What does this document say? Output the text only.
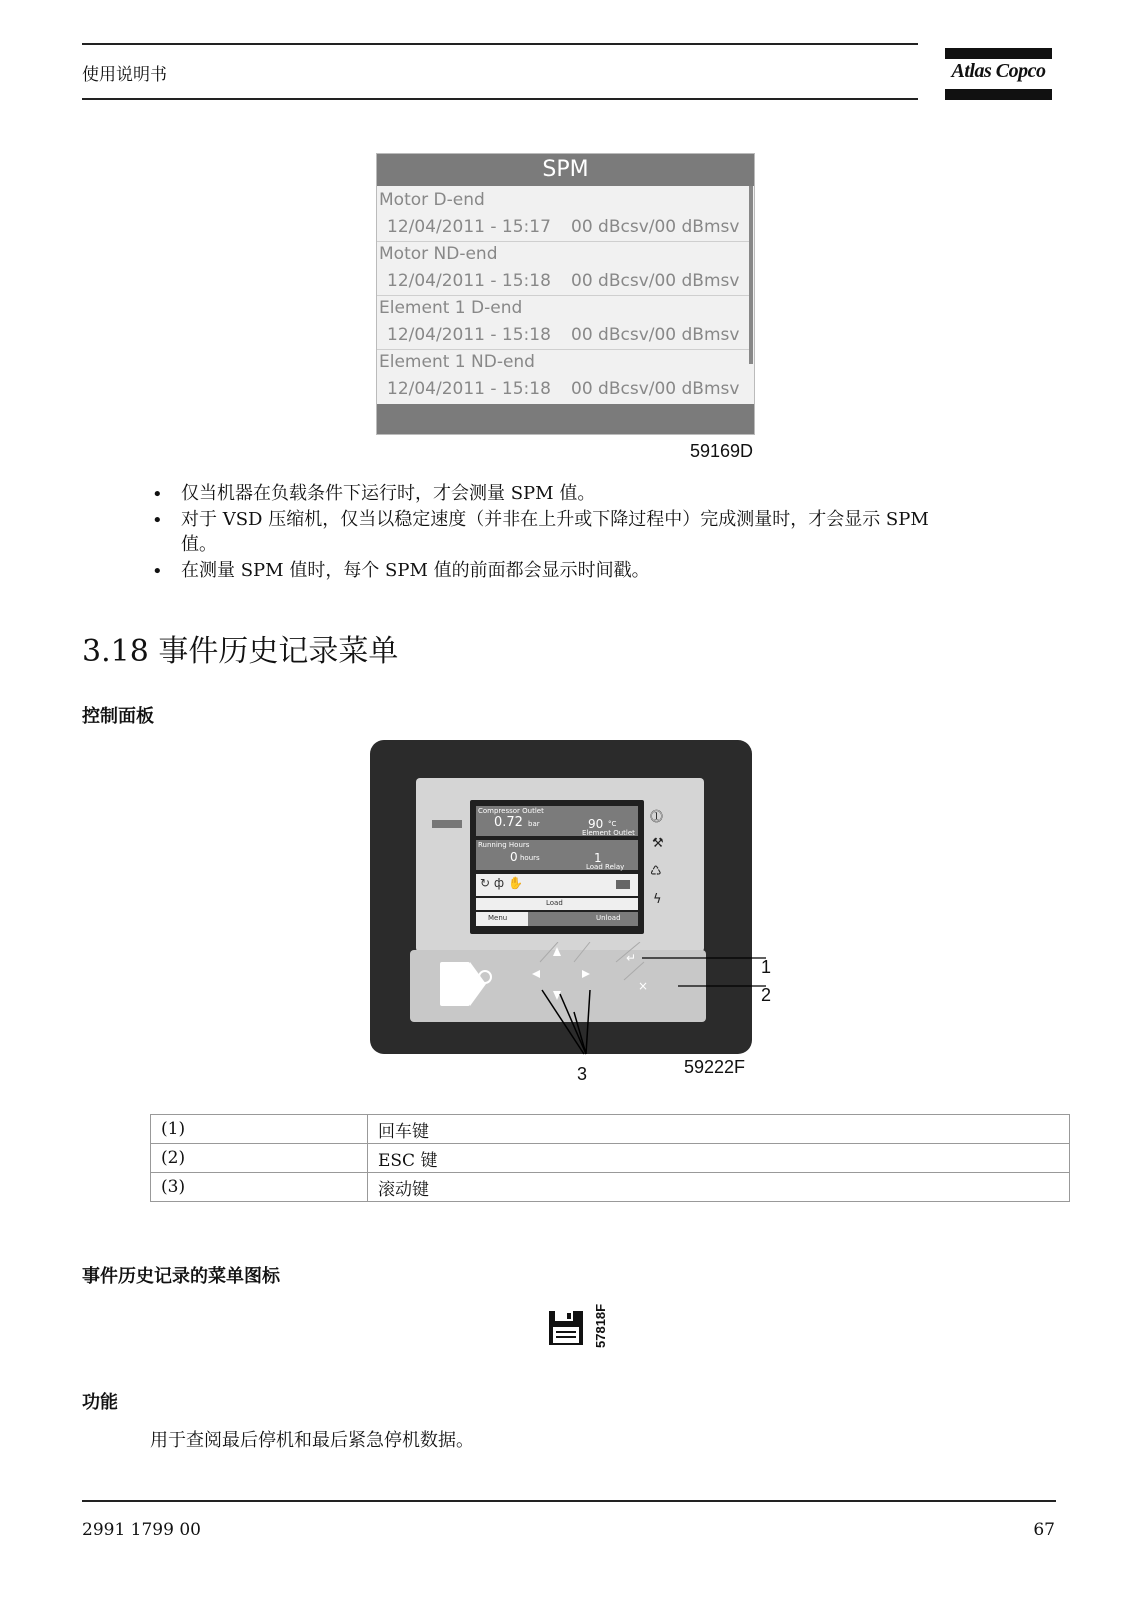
使用说明书	Atlas Copco
SPM
Motor D-end
12/04/2011 - 15:17 00 dBcsv/00 dBmsv
Motor ND-end
12/04/2011 - 15:18 00 dBcsv/00 dBmsv
Element 1 D-end
12/04/2011 - 15:18 00 dBcsv/00 dBmsv
Element 1 ND-end
12/04/2011 - 15:18 00 dBcsv/00 dBmsv
59169D
• 仅当机器在负载条件下运行时，才会测量 SPM 值。
• 对于 VSD 压缩机，仅当以稳定速度（并非在上升或下降过程中）完成测量时，才会显示 SPM
值。
• 在测量 SPM 值时，每个 SPM 值的前面都会显示时间戳。
3.18 事件历史记录菜单
控制面板
Compressor Outlet
0.72 bar	90 °C
Element Outlet
Running Hours
0 hours	1
Load Relay
↻ ф ✋
Load
Menu	Unload
⓵
⚒
♺
ϟ
↵
×
1
2
3	59222F
(1)	回车键
(2)	ESC 键
(3)	滚动键
事件历史记录的菜单图标
57818F
功能
用于查阅最后停机和最后紧急停机数据。
2991 1799 00	67
